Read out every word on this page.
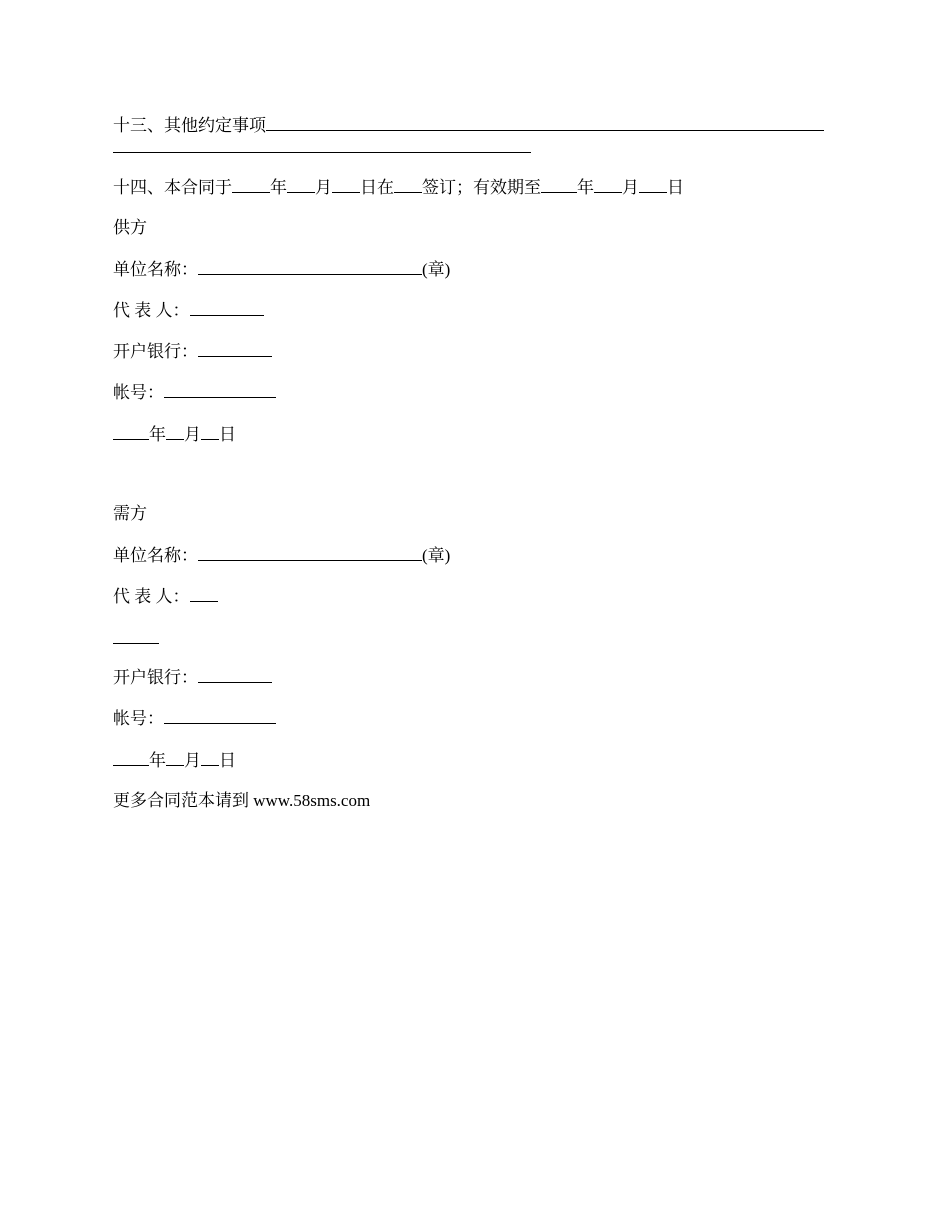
十三、其他约定事项
十四、本合同于 年 月 日在 签订；有效期至 年 月 日
供方
单位名称：	(章)
代 表 人：
开户银行：
帐号：
年 月 日
需方
单位名称：	(章)
代 表 人：
开户银行：
帐号：
年 月 日
更多合同范本请到 www.58sms.com
